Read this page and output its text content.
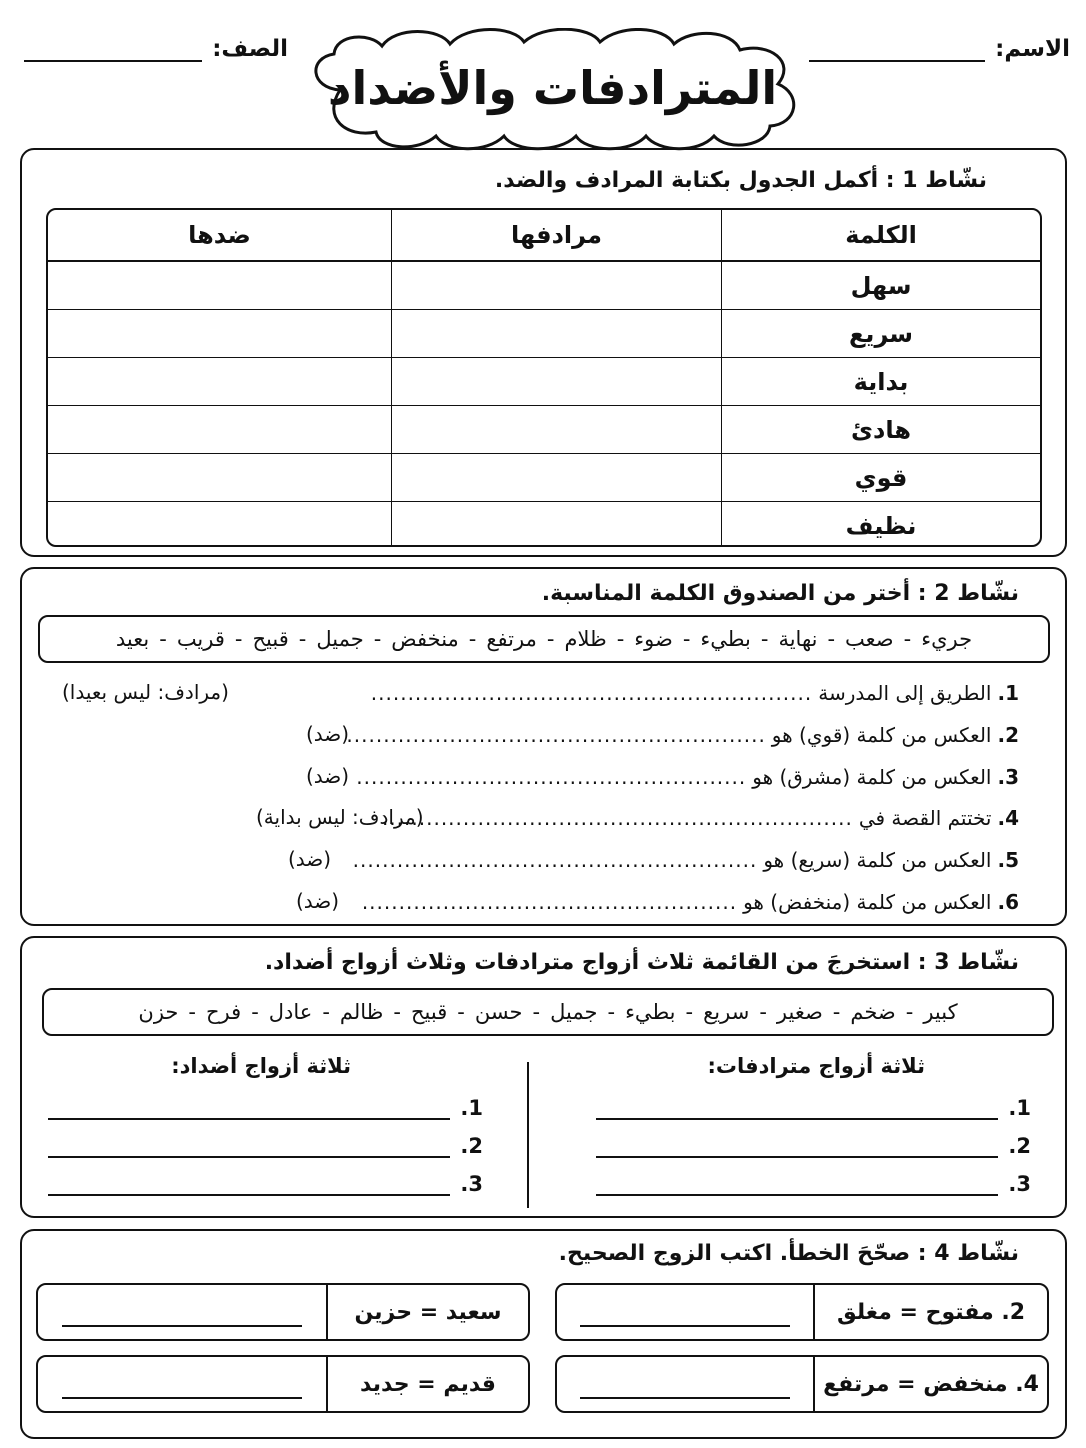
الاسم:
المترادفات والأضداد
الصف:
نشّاط 1 : أكمل الجدول بكتابة المرادف والضد.
الكلمة
مرادفها
ضدها
سهل
سريع
بداية
هادئ
قوي
نظيف
نشّاط 2 : أختر من الصندوق الكلمة المناسبة.
جريء
-
صعب
-
نهاية
-
بطيء
-
ضوء
-
ظلام
-
مرتفع
-
منخفض
-
جميل
-
قبيح
-
قريب
-
بعيد
1.
الطريق إلى المدرسة
............................................................
(مرادف: ليس بعيدا)
2.
العكس من كلمة (قوي) هو
.........................................................
(ضد)
3.
العكس من كلمة (مشرق) هو
.....................................................
(ضد)
4.
تختتم القصة في
................................................................
(مرادف: ليس بداية)
5.
العكس من كلمة (سريع) هو
.......................................................
(ضد)
6.
العكس من كلمة (منخفض) هو
...................................................
(ضد)
نشّاط 3 : استخرجَ من القائمة ثلاث أزواج مترادفات وثلاث أزواج أضداد.
كبير
-
ضخم
-
صغير
-
سريع
-
بطيء
-
جميل
-
حسن
-
قبيح
-
ظالم
-
عادل
-
فرح
-
حزن
ثلاثة أزواج مترادفات:
ثلاثة أزواج أضداد:
1.
2.
3.
1.
2.
3.
نشّاط 4 : صحّحَ الخطأ. اكتب الزوج الصحيح.
2. مفتوح = مغلق
سعيد = حزين
4. منخفض = مرتفع
قديم = جديد
